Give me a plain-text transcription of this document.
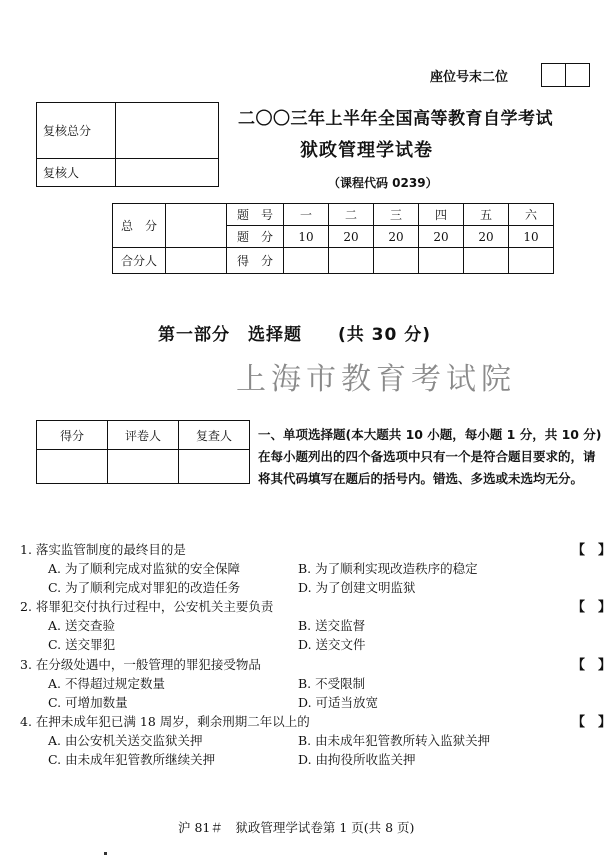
座位号末二位

复核总分	
复核人	
二〇〇三年上半年全国高等教育自学考试
狱政管理学试卷
（课程代码 0239）
总　分		题　号	一	二	三	四	五	六
		题　分	10	20	20	20	20	10
合分人		得　分						
第一部分　选择题　　(共 30 分)
上海市教育考试院
得分	评卷人	复查人
		一、单项选择题(本大题共 10 小题，每小题 1 分，共 10 分)在每小题列出的四个备选项中只有一个是符合题目要求的，请将其代码填写在题后的括号内。错选、多选或未选均无分。
1. 落实监管制度的最终目的是	【　】
A. 为了顺利完成对监狱的安全保障	B. 为了顺利实现改造秩序的稳定
C. 为了顺利完成对罪犯的改造任务	D. 为了创建文明监狱
2. 将罪犯交付执行过程中，公安机关主要负责	【　】
A. 送交查验	B. 送交监督
C. 送交罪犯	D. 送交文件
3. 在分级处遇中，一般管理的罪犯接受物品	【　】
A. 不得超过规定数量	B. 不受限制
C. 可增加数量	D. 可适当放宽
4. 在押未成年犯已满 18 周岁，剩余刑期二年以上的	【　】
A. 由公安机关送交监狱关押	B. 由未成年犯管教所转入监狱关押
C. 由未成年犯管教所继续关押	D. 由拘役所收监关押
沪 81＃　狱政管理学试卷第 1 页(共 8 页)
